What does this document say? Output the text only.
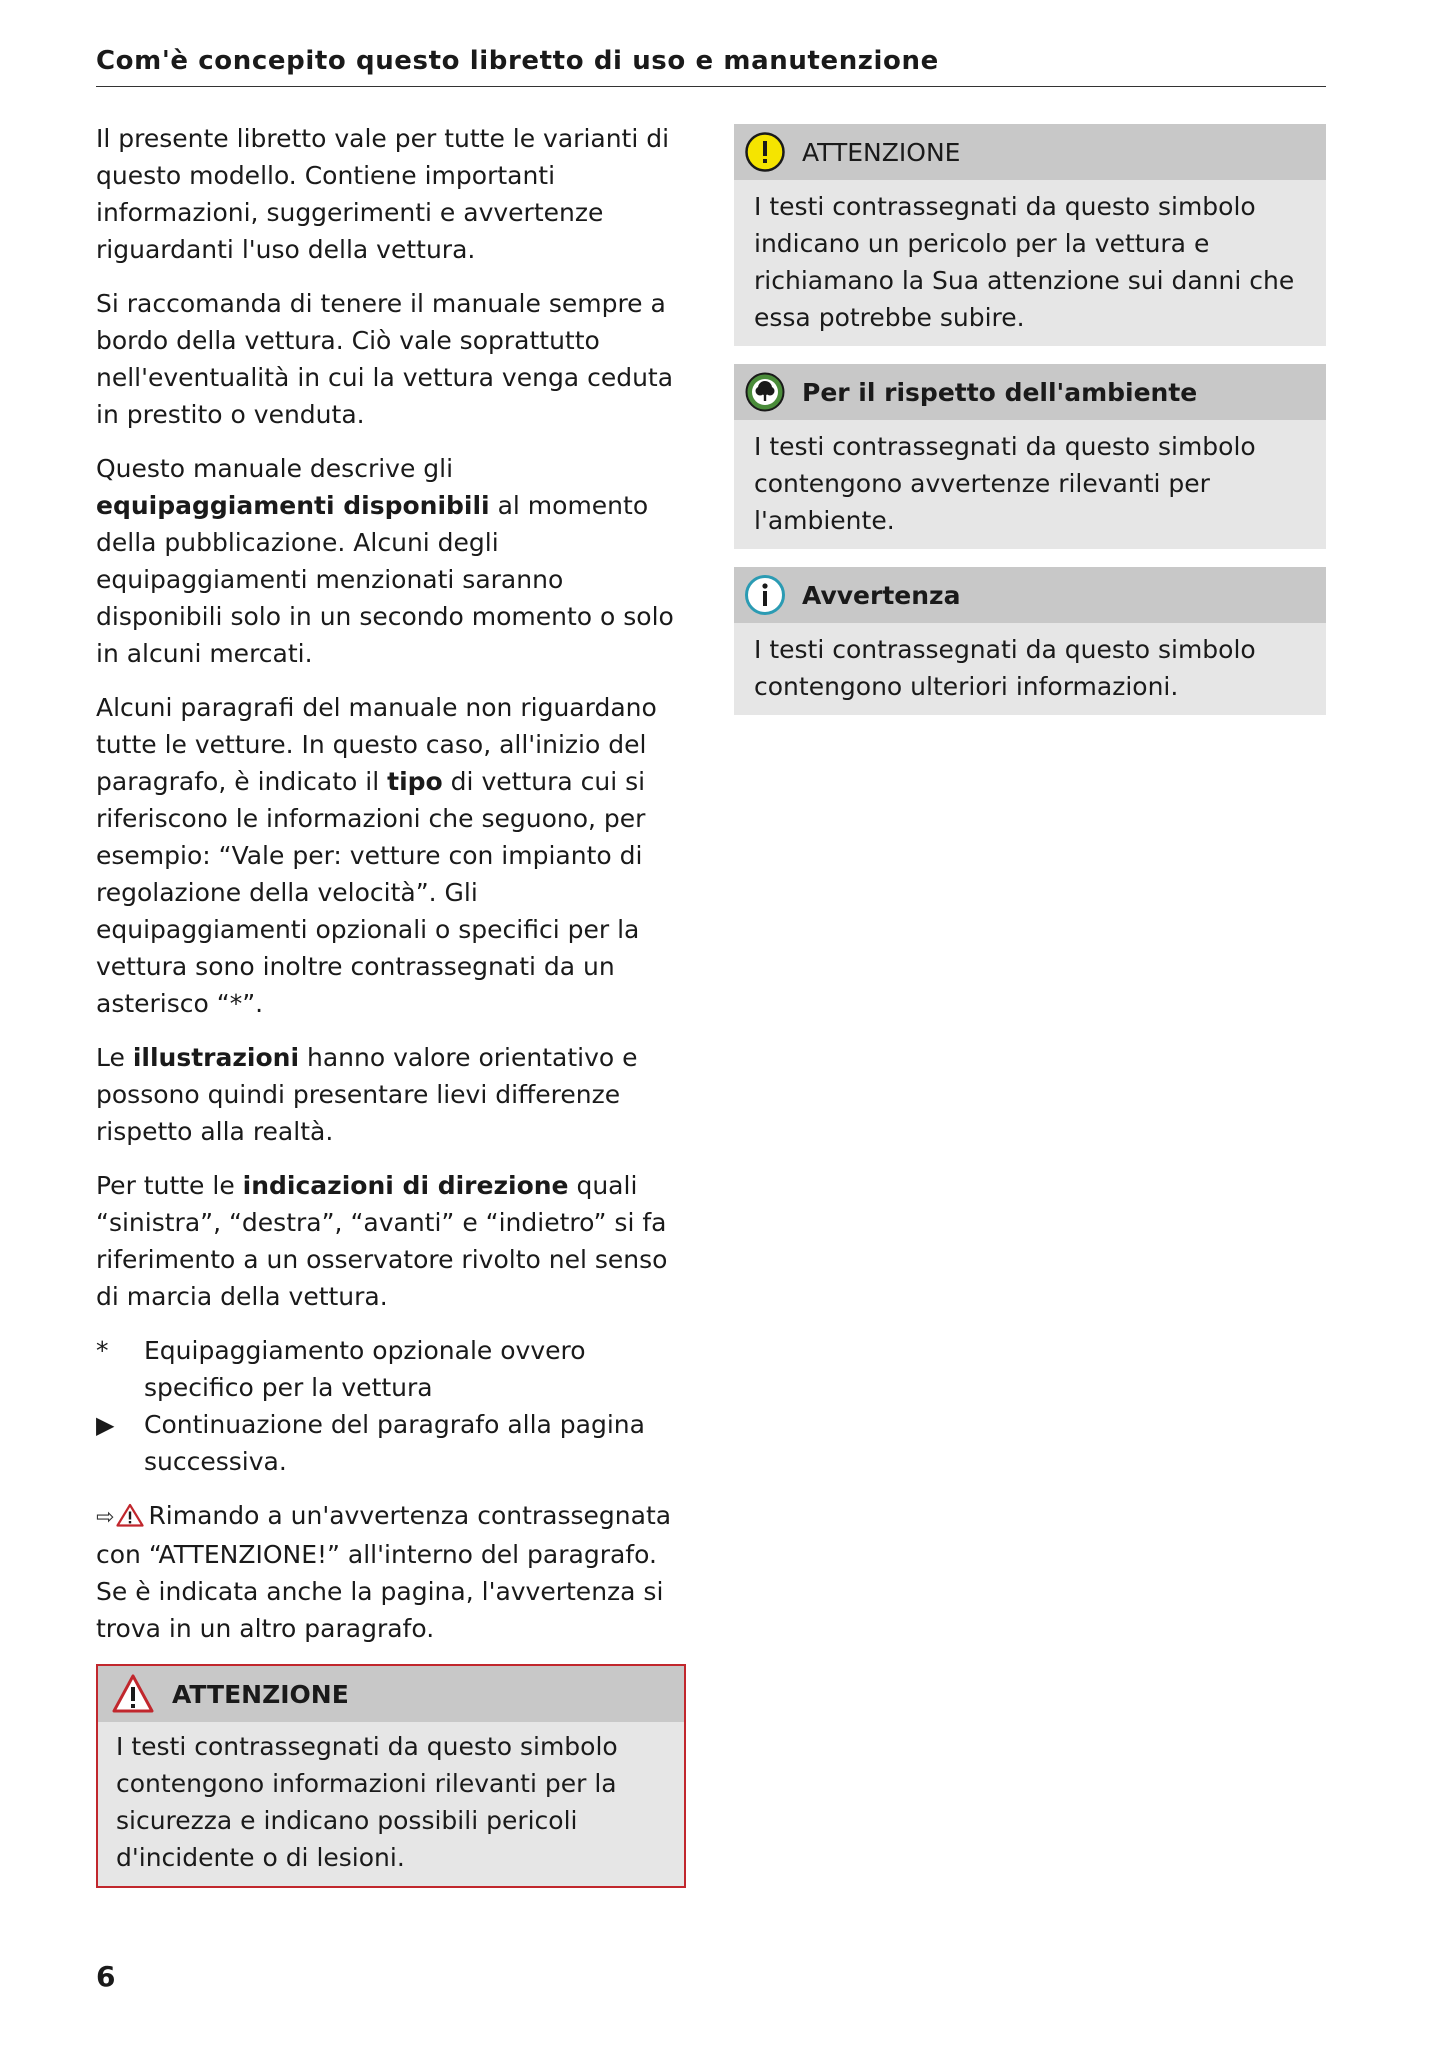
Com'è concepito questo libretto di uso e manutenzione

Il presente libretto vale per tutte le varianti di questo modello. Contiene importanti informazioni, suggerimenti e avvertenze riguardanti l'uso della vettura.

Si raccomanda di tenere il manuale sempre a bordo della vettura. Ciò vale soprattutto nell'eventualità in cui la vettura venga ceduta in prestito o venduta.

Questo manuale descrive gli equipaggiamenti disponibili al momento della pubblicazione. Alcuni degli equipaggiamenti menzionati saranno disponibili solo in un secondo momento o solo in alcuni mercati.

Alcuni paragrafi del manuale non riguardano tutte le vetture. In questo caso, all'inizio del paragrafo, è indicato il tipo di vettura cui si riferiscono le informazioni che seguono, per esempio: “Vale per: vetture con impianto di regolazione della velocità”. Gli equipaggiamenti opzionali o specifici per la vettura sono inoltre contrassegnati da un asterisco “*”.

Le illustrazioni hanno valore orientativo e possono quindi presentare lievi differenze rispetto alla realtà.

Per tutte le indicazioni di direzione quali “sinistra”, “destra”, “avanti” e “indietro” si fa riferimento a un osservatore rivolto nel senso di marcia della vettura.

*	Equipaggiamento opzionale ovvero specifico per la vettura
▶	Continuazione del paragrafo alla pagina successiva.

⇨ Rimando a un'avvertenza contrassegnata con “ATTENZIONE!” all'interno del paragrafo. Se è indicata anche la pagina, l'avvertenza si trova in un altro paragrafo.

ATTENZIONE
I testi contrassegnati da questo simbolo contengono informazioni rilevanti per la sicurezza e indicano possibili pericoli d'incidente o di lesioni.
ATTENZIONE
I testi contrassegnati da questo simbolo indicano un pericolo per la vettura e richiamano la Sua attenzione sui danni che essa potrebbe subire.
Per il rispetto dell'ambiente
I testi contrassegnati da questo simbolo contengono avvertenze rilevanti per l'ambiente.
Avvertenza
I testi contrassegnati da questo simbolo contengono ulteriori informazioni.
6
